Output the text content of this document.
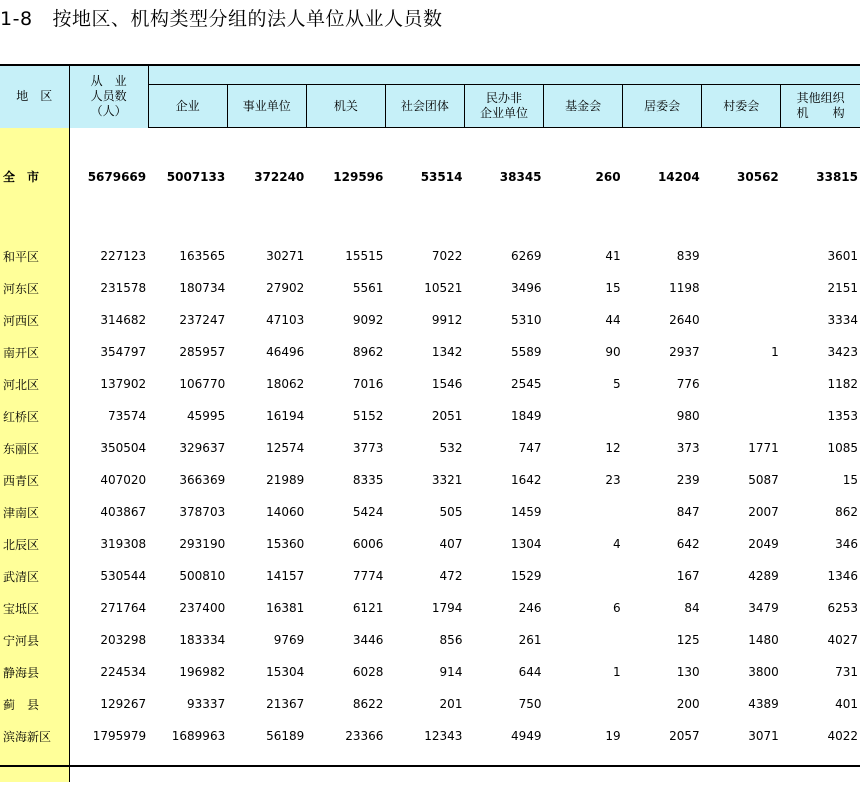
1-8 按地区、机构类型分组的法人单位从业人员数
地　区	从　业
人员数
（人）									
		企业	事业单位	机关	社会团体	民办非
企业单位	基金会	居委会	村委会	其他组织
机　　构
全　市	5679669	5007133	372240	129596	53514	38345	260	14204	30562	33815

和平区	227123	163565	30271	15515	7022	6269	41	839		3601
河东区	231578	180734	27902	5561	10521	3496	15	1198		2151
河西区	314682	237247	47103	9092	9912	5310	44	2640		3334
南开区	354797	285957	46496	8962	1342	5589	90	2937	1	3423
河北区	137902	106770	18062	7016	1546	2545	5	776		1182
红桥区	73574	45995	16194	5152	2051	1849		980		1353
东丽区	350504	329637	12574	3773	532	747	12	373	1771	1085
西青区	407020	366369	21989	8335	3321	1642	23	239	5087	15
津南区	403867	378703	14060	5424	505	1459		847	2007	862
北辰区	319308	293190	15360	6006	407	1304	4	642	2049	346
武清区	530544	500810	14157	7774	472	1529		167	4289	1346
宝坻区	271764	237400	16381	6121	1794	246	6	84	3479	6253
宁河县	203298	183334	9769	3446	856	261		125	1480	4027
静海县	224534	196982	15304	6028	914	644	1	130	3800	731
蓟　县	129267	93337	21367	8622	201	750		200	4389	401
滨海新区	1795979	1689963	56189	23366	12343	4949	19	2057	3071	4022
